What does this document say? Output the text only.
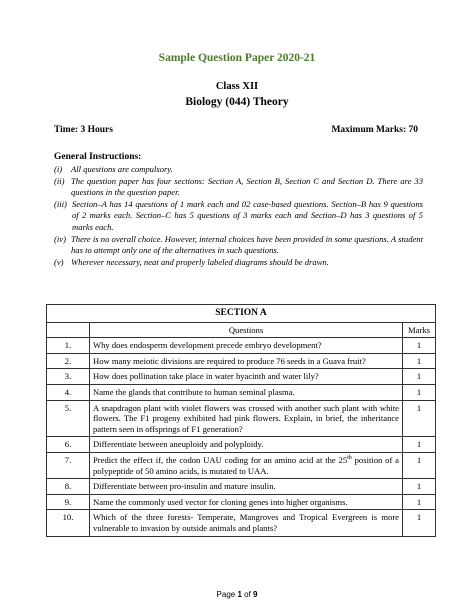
Sample Question Paper 2020-21
Class XII
Biology (044) Theory
Time: 3 Hours	Maximum Marks: 70
General Instructions:
(i) All questions are compulsory.
(ii) The question paper has four sections: Section A, Section B, Section C and Section D. There are 33 questions in the question paper.
(iii) Section–A has 14 questions of 1 mark each and 02 case-based questions. Section–B has 9 questions of 2 marks each. Section–C has 5 questions of 3 marks each and Section–D has 3 questions of 5 marks each.
(iv) There is no overall choice. However, internal choices have been provided in some questions. A student has to attempt only one of the alternatives in such questions.
(v) Wherever necessary, neat and properly labeled diagrams should be drawn.
SECTION A		
	Questions	Marks
1.	Why does endosperm development precede embryo development?	1
2.	How many meiotic divisions are required to produce 76 seeds in a Guava fruit?	1
3.	How does pollination take place in water hyacinth and water lily?	1
4.	Name the glands that contribute to human seminal plasma.	1
5.	A snapdragon plant with violet flowers was crossed with another such plant with white flowers. The F1 progeny exhibited had pink flowers. Explain, in brief, the inheritance pattern seen in offsprings of F1 generation?	1
6.	Differentiate between aneuploidy and polyploidy.	1
7.	Predict the effect if, the codon UAU coding for an amino acid at the 25th position of a polypeptide of 50 amino acids, is mutated to UAA.	1
8.	Differentiate between pro-insulin and mature insulin.	1
9.	Name the commonly used vector for cloning genes into higher organisms.	1
10.	Which of the three forests- Temperate, Mangroves and Tropical Evergreen is more vulnerable to invasion by outside animals and plants?	1
Page 1 of 9
